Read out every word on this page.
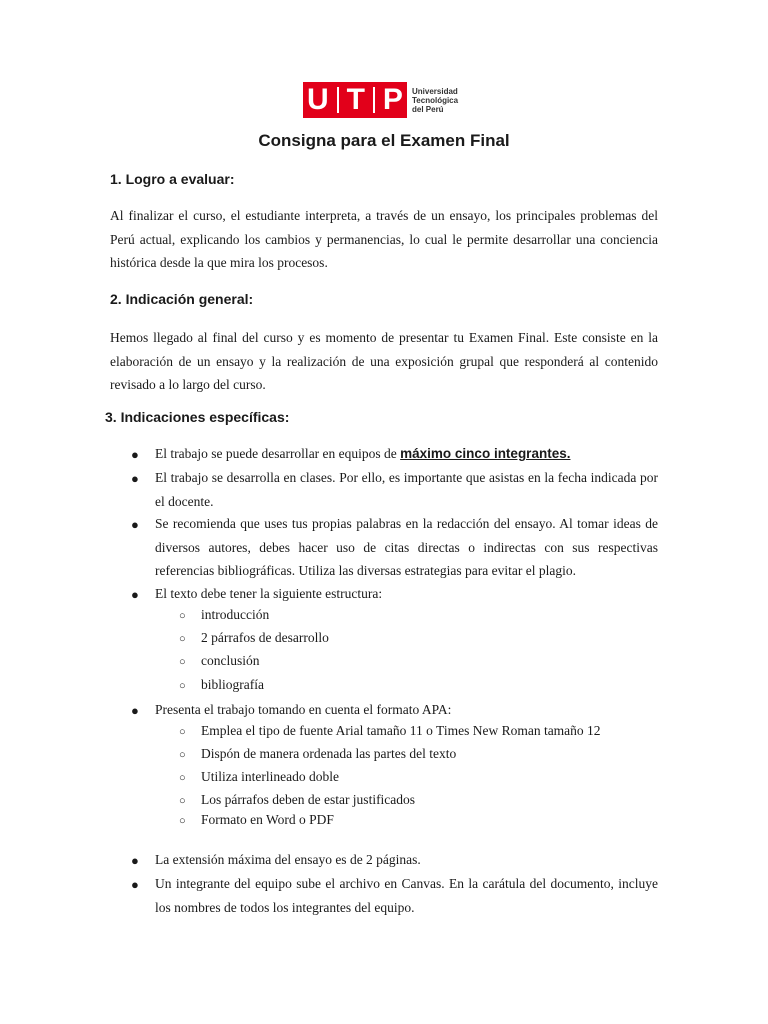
U T P Universidad
Tecnológica
del Perú
Consigna para el Examen Final
1. Logro a evaluar:
Al finalizar el curso, el estudiante interpreta, a través de un ensayo, los principales problemas del Perú actual, explicando los cambios y permanencias, lo cual le permite desarrollar una conciencia histórica desde la que mira los procesos.
2. Indicación general:
Hemos llegado al final del curso y es momento de presentar tu Examen Final. Este consiste en la elaboración de un ensayo y la realización de una exposición grupal que responderá al contenido revisado a lo largo del curso.
3. Indicaciones específicas:
● El trabajo se puede desarrollar en equipos de máximo cinco integrantes.
● El trabajo se desarrolla en clases. Por ello, es importante que asistas en la fecha indicada por el docente.
● Se recomienda que uses tus propias palabras en la redacción del ensayo. Al tomar ideas de diversos autores, debes hacer uso de citas directas o indirectas con sus respectivas referencias bibliográficas. Utiliza las diversas estrategias para evitar el plagio.
● El texto debe tener la siguiente estructura:
○ introducción
○ 2 párrafos de desarrollo
○ conclusión
○ bibliografía
● Presenta el trabajo tomando en cuenta el formato APA:
○ Emplea el tipo de fuente Arial tamaño 11 o Times New Roman tamaño 12
○ Dispón de manera ordenada las partes del texto
○ Utiliza interlineado doble
○ Los párrafos deben de estar justificados
○ Formato en Word o PDF
● La extensión máxima del ensayo es de 2 páginas.
● Un integrante del equipo sube el archivo en Canvas. En la carátula del documento, incluye los nombres de todos los integrantes del equipo.
